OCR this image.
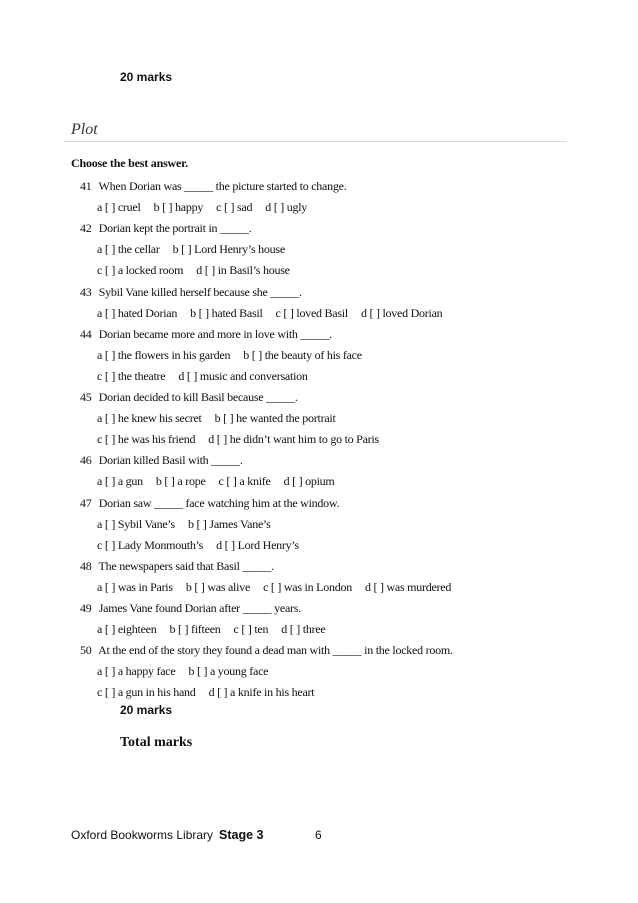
20 marks
Plot
Choose the best answer.
41 When Dorian was _____ the picture started to change.
a [ ] cruel b [ ] happy c [ ] sad d [ ] ugly
42 Dorian kept the portrait in _____.
a [ ] the cellar b [ ] Lord Henry’s house
c [ ] a locked room d [ ] in Basil’s house
43 Sybil Vane killed herself because she _____.
a [ ] hated Dorian b [ ] hated Basil c [ ] loved Basil d [ ] loved Dorian
44 Dorian became more and more in love with _____.
a [ ] the flowers in his garden b [ ] the beauty of his face
c [ ] the theatre d [ ] music and conversation
45 Dorian decided to kill Basil because _____.
a [ ] he knew his secret b [ ] he wanted the portrait
c [ ] he was his friend d [ ] he didn’t want him to go to Paris
46 Dorian killed Basil with _____.
a [ ] a gun b [ ] a rope c [ ] a knife d [ ] opium
47 Dorian saw _____ face watching him at the window.
a [ ] Sybil Vane’s b [ ] James Vane’s
c [ ] Lady Monmouth’s d [ ] Lord Henry’s
48 The newspapers said that Basil _____.
a [ ] was in Paris b [ ] was alive c [ ] was in London d [ ] was murdered
49 James Vane found Dorian after _____ years.
a [ ] eighteen b [ ] fifteen c [ ] ten d [ ] three
50 At the end of the story they found a dead man with _____ in the locked room.
a [ ] a happy face b [ ] a young face
c [ ] a gun in his hand d [ ] a knife in his heart
20 marks
Total marks
Oxford Bookworms Library Stage 3	6
